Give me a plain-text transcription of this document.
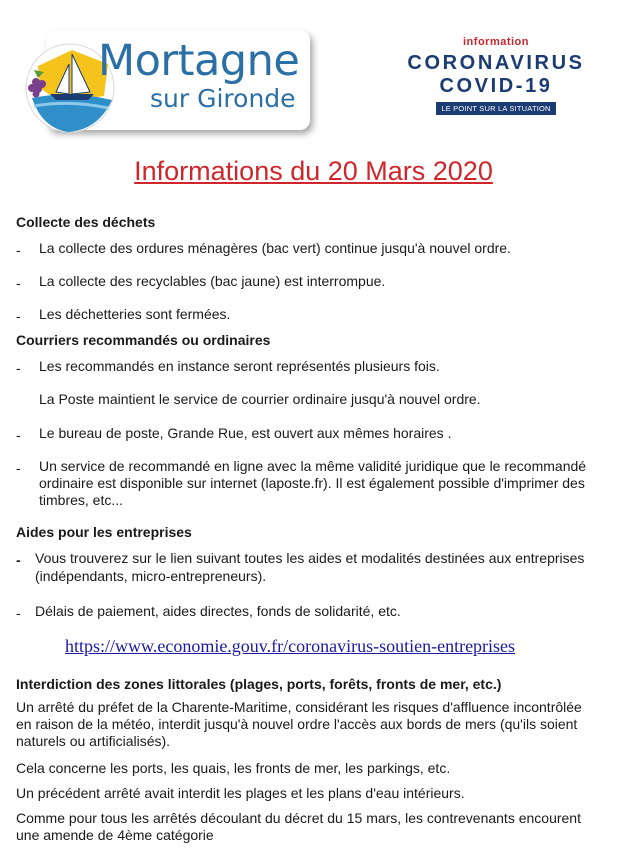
Mortagne
sur Gironde
information
CORONAVIRUS
COVID-19
LE POINT SUR LA SITUATION
Informations du 20 Mars 2020
Collecte des déchets
- La collecte des ordures ménagères (bac vert) continue jusqu'à nouvel ordre.
- La collecte des recyclables (bac jaune) est interrompue.
- Les déchetteries sont fermées.
Courriers recommandés ou ordinaires
- Les recommandés en instance seront représentés plusieurs fois.
La Poste maintient le service de courrier ordinaire jusqu'à nouvel ordre.
- Le bureau de poste, Grande Rue, est ouvert aux mêmes horaires .
- Un service de recommandé en ligne avec la même validité juridique que le recommandé
ordinaire est disponible sur internet (laposte.fr). Il est également possible d'imprimer des
timbres, etc...
Aides pour les entreprises
- Vous trouverez sur le lien suivant toutes les aides et modalités destinées aux entreprises
(indépendants, micro-entrepreneurs).
- Délais de paiement, aides directes, fonds de solidarité, etc.
https://www.economie.gouv.fr/coronavirus-soutien-entreprises
Interdiction des zones littorales (plages, ports, forêts, fronts de mer, etc.)
Un arrêté du préfet de la Charente-Maritime, considérant les risques d'affluence incontrôlée
en raison de la météo, interdit jusqu'à nouvel ordre l'accès aux bords de mers (qu'ils soient
naturels ou artificialisés).
Cela concerne les ports, les quais, les fronts de mer, les parkings, etc.
Un précédent arrêté avait interdit les plages et les plans d'eau intérieurs.
Comme pour tous les arrêtés découlant du décret du 15 mars, les contrevenants encourent
une amende de 4ème catégorie
